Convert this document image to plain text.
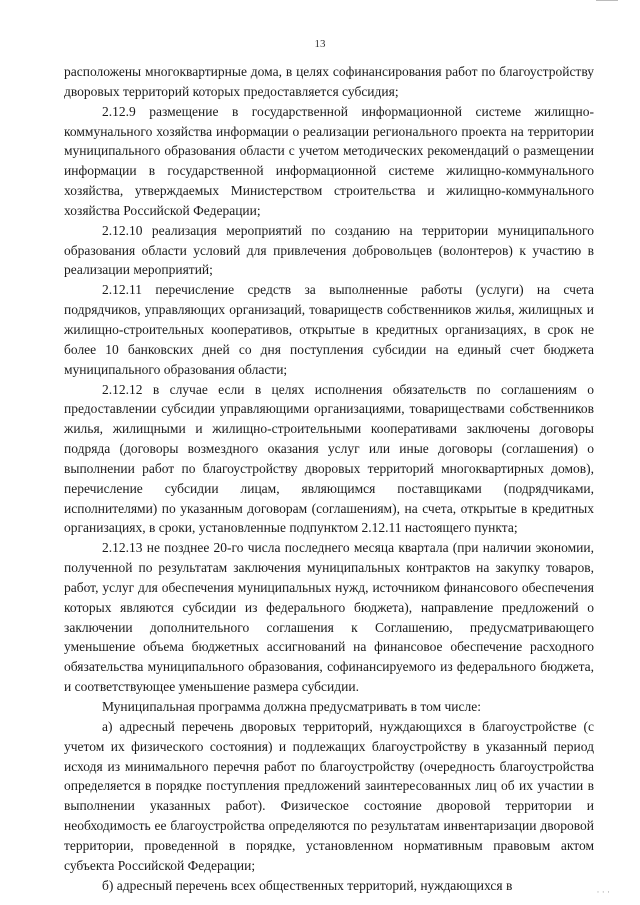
13

расположены многоквартирные дома, в целях софинансирования работ по благоустройству дворовых территорий которых предоставляется субсидия;

2.12.9 размещение в государственной информационной системе жилищно-коммунального хозяйства информации о реализации регионального проекта на территории муниципального образования области с учетом методических рекомендаций о размещении информации в государственной информационной системе жилищно-коммунального хозяйства, утверждаемых Министерством строительства и жилищно-коммунального хозяйства Российской Федерации;

2.12.10 реализация мероприятий по созданию на территории муниципального образования области условий для привлечения добровольцев (волонтеров) к участию в реализации мероприятий;

2.12.11 перечисление средств за выполненные работы (услуги) на счета подрядчиков, управляющих организаций, товариществ собственников жилья, жилищных и жилищно-строительных кооперативов, открытые в кредитных организациях, в срок не более 10 банковских дней со дня поступления субсидии на единый счет бюджета муниципального образования области;

2.12.12 в случае если в целях исполнения обязательств по соглашениям о предоставлении субсидии управляющими организациями, товариществами собственников жилья, жилищными и жилищно-строительными кооперативами заключены договоры подряда (договоры возмездного оказания услуг или иные договоры (соглашения) о выполнении работ по благоустройству дворовых территорий многоквартирных домов), перечисление субсидии лицам, являющимся поставщиками (подрядчиками, исполнителями) по указанным договорам (соглашениям), на счета, открытые в кредитных организациях, в сроки, установленные подпунктом 2.12.11 настоящего пункта;

2.12.13 не позднее 20-го числа последнего месяца квартала (при наличии экономии, полученной по результатам заключения муниципальных контрактов на закупку товаров, работ, услуг для обеспечения муниципальных нужд, источником финансового обеспечения которых являются субсидии из федерального бюджета), направление предложений о заключении дополнительного соглашения к Соглашению, предусматривающего уменьшение объема бюджетных ассигнований на финансовое обеспечение расходного обязательства муниципального образования, софинансируемого из федерального бюджета, и соответствующее уменьшение размера субсидии.

Муниципальная программа должна предусматривать в том числе:

а) адресный перечень дворовых территорий, нуждающихся в благоустройстве (с учетом их физического состояния) и подлежащих благоустройству в указанный период исходя из минимального перечня работ по благоустройству (очередность благоустройства определяется в порядке поступления предложений заинтересованных лиц об их участии в выполнении указанных работ). Физическое состояние дворовой территории и необходимость ее благоустройства определяются по результатам инвентаризации дворовой территории, проведенной в порядке, установленном нормативным правовым актом субъекта Российской Федерации;

б) адресный перечень всех общественных территорий, нуждающихся в	· · ·
